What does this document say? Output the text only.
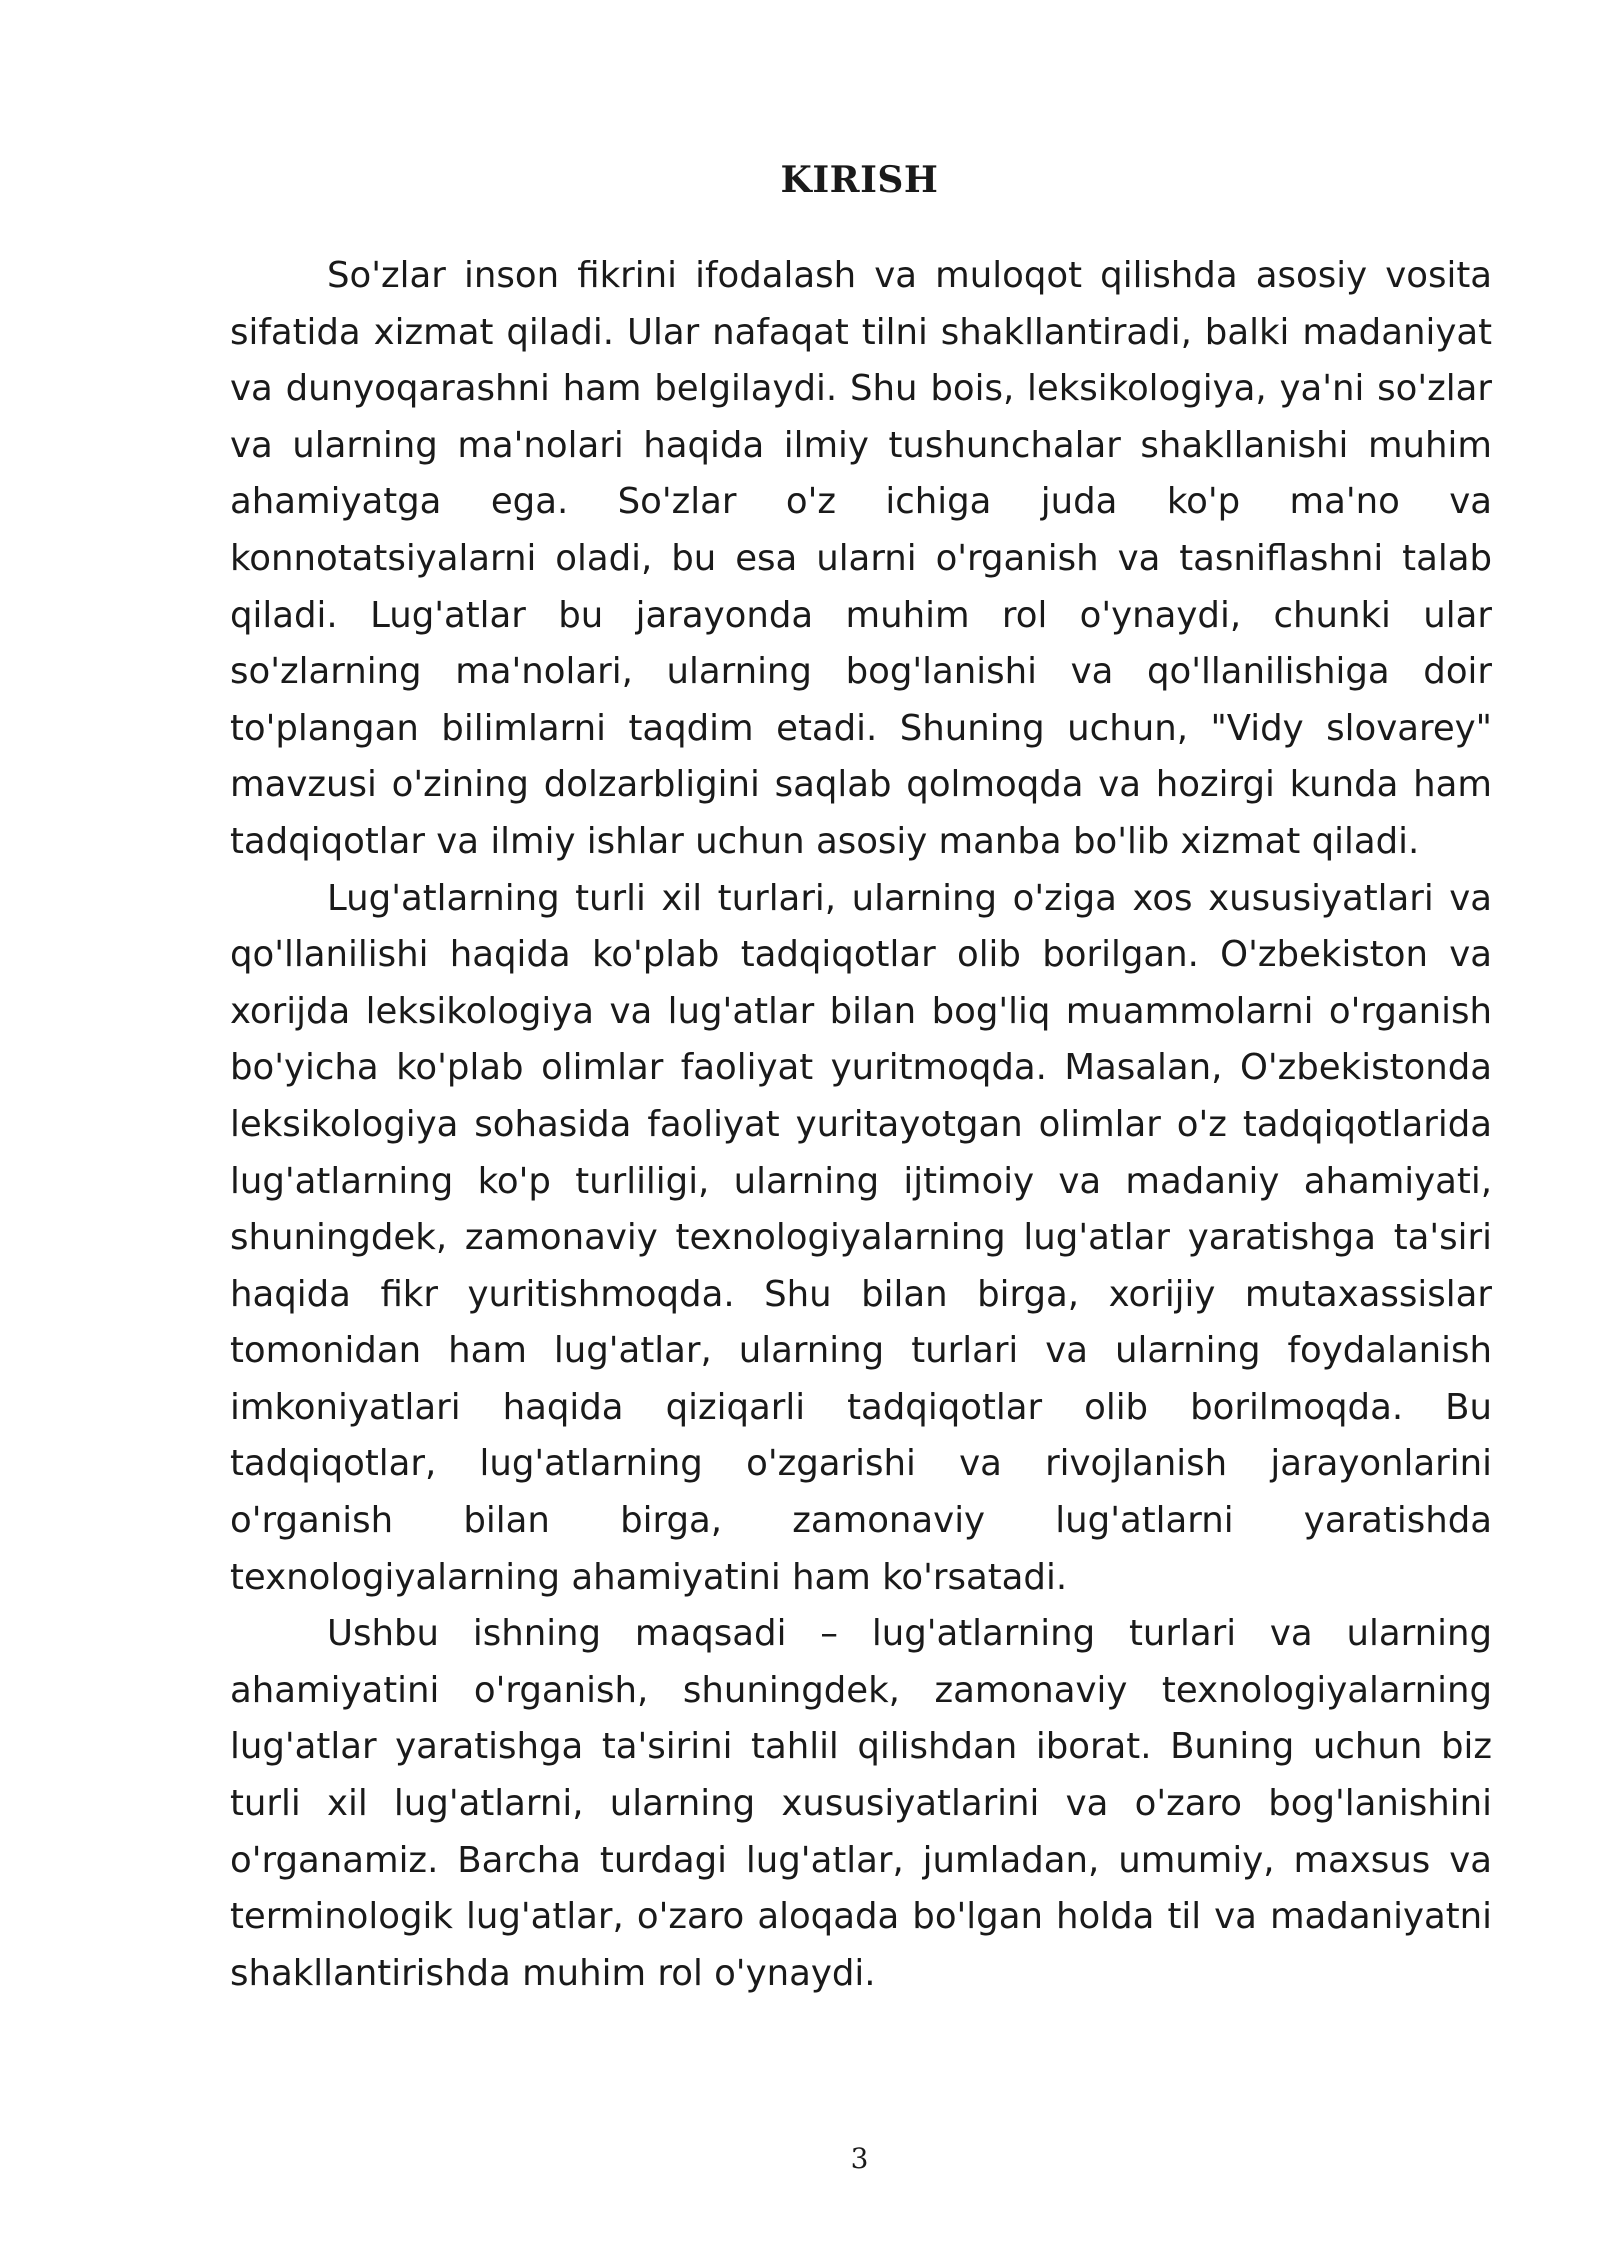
KIRISH

So'zlar inson fikrini ifodalash va muloqot qilishda asosiy vosita sifatida xizmat qiladi. Ular nafaqat tilni shakllantiradi, balki madaniyat va dunyoqarashni ham belgilaydi. Shu bois, leksikologiya, ya'ni so'zlar va ularning ma'nolari haqida ilmiy tushunchalar shakllanishi muhim ahamiyatga ega. So'zlar o'z ichiga juda ko'p ma'no va konnotatsiyalarni oladi, bu esa ularni o'rganish va tasniflashni talab qiladi. Lug'atlar bu jarayonda muhim rol o'ynaydi, chunki ular so'zlarning ma'nolari, ularning bog'lanishi va qo'llanilishiga doir to'plangan bilimlarni taqdim etadi. Shuning uchun, "Vidy slovarey" mavzusi o'zining dolzarbligini saqlab qolmoqda va hozirgi kunda ham tadqiqotlar va ilmiy ishlar uchun asosiy manba bo'lib xizmat qiladi.

Lug'atlarning turli xil turlari, ularning o'ziga xos xususiyatlari va qo'llanilishi haqida ko'plab tadqiqotlar olib borilgan. O'zbekiston va xorijda leksikologiya va lug'atlar bilan bog'liq muammolarni o'rganish bo'yicha ko'plab olimlar faoliyat yuritmoqda. Masalan, O'zbekistonda leksikologiya sohasida faoliyat yuritayotgan olimlar o'z tadqiqotlarida lug'atlarning ko'p turliligi, ularning ijtimoiy va madaniy ahamiyati, shuningdek, zamonaviy texnologiyalarning lug'atlar yaratishga ta'siri haqida fikr yuritishmoqda. Shu bilan birga, xorijiy mutaxassislar tomonidan ham lug'atlar, ularning turlari va ularning foydalanish imkoniyatlari haqida qiziqarli tadqiqotlar olib borilmoqda. Bu tadqiqotlar, lug'atlarning o'zgarishi va rivojlanish jarayonlarini o'rganish bilan birga, zamonaviy lug'atlarni yaratishda texnologiyalarning ahamiyatini ham ko'rsatadi.

Ushbu ishning maqsadi – lug'atlarning turlari va ularning ahamiyatini o'rganish, shuningdek, zamonaviy texnologiyalarning lug'atlar yaratishga ta'sirini tahlil qilishdan iborat. Buning uchun biz turli xil lug'atlarni, ularning xususiyatlarini va o'zaro bog'lanishini o'rganamiz. Barcha turdagi lug'atlar, jumladan, umumiy, maxsus va terminologik lug'atlar, o'zaro aloqada bo'lgan holda til va madaniyatni shakllantirishda muhim rol o'ynaydi.

3
